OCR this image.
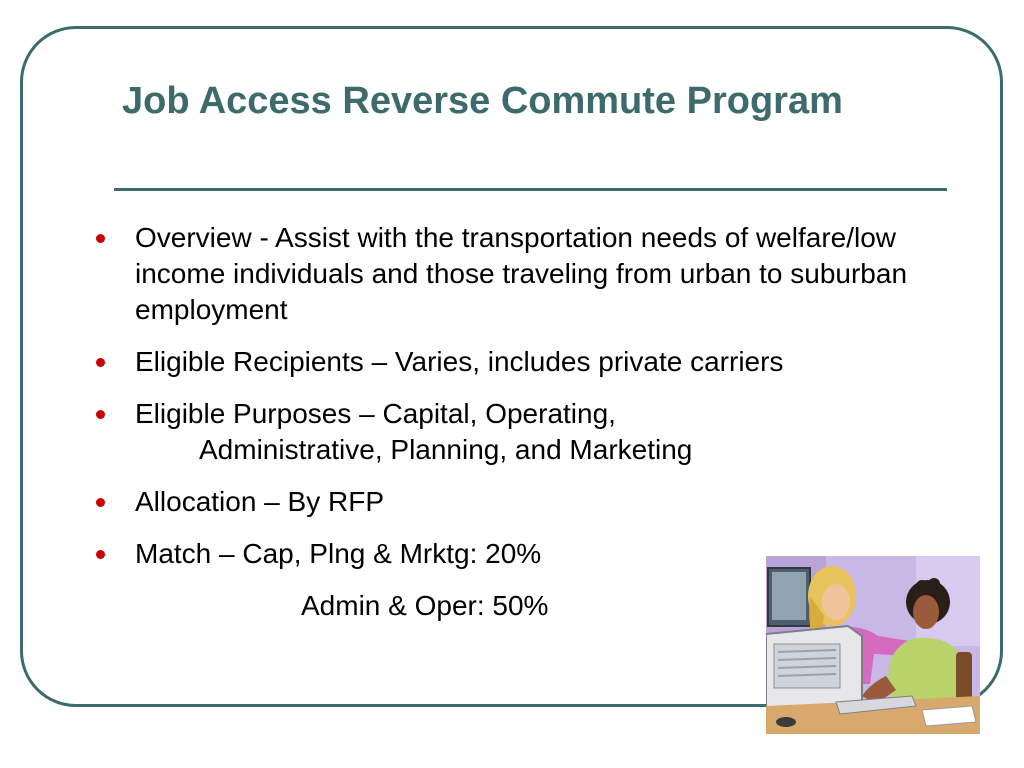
Job Access Reverse Commute Program
Overview - Assist with the transportation needs of welfare/low income individuals and those traveling from urban to suburban employment
Eligible Recipients – Varies, includes private carriers
Eligible Purposes – Capital, Operating,
Administrative, Planning, and Marketing
Allocation – By RFP
Match – Cap, Plng & Mrktg: 20%
Admin & Oper: 50%
